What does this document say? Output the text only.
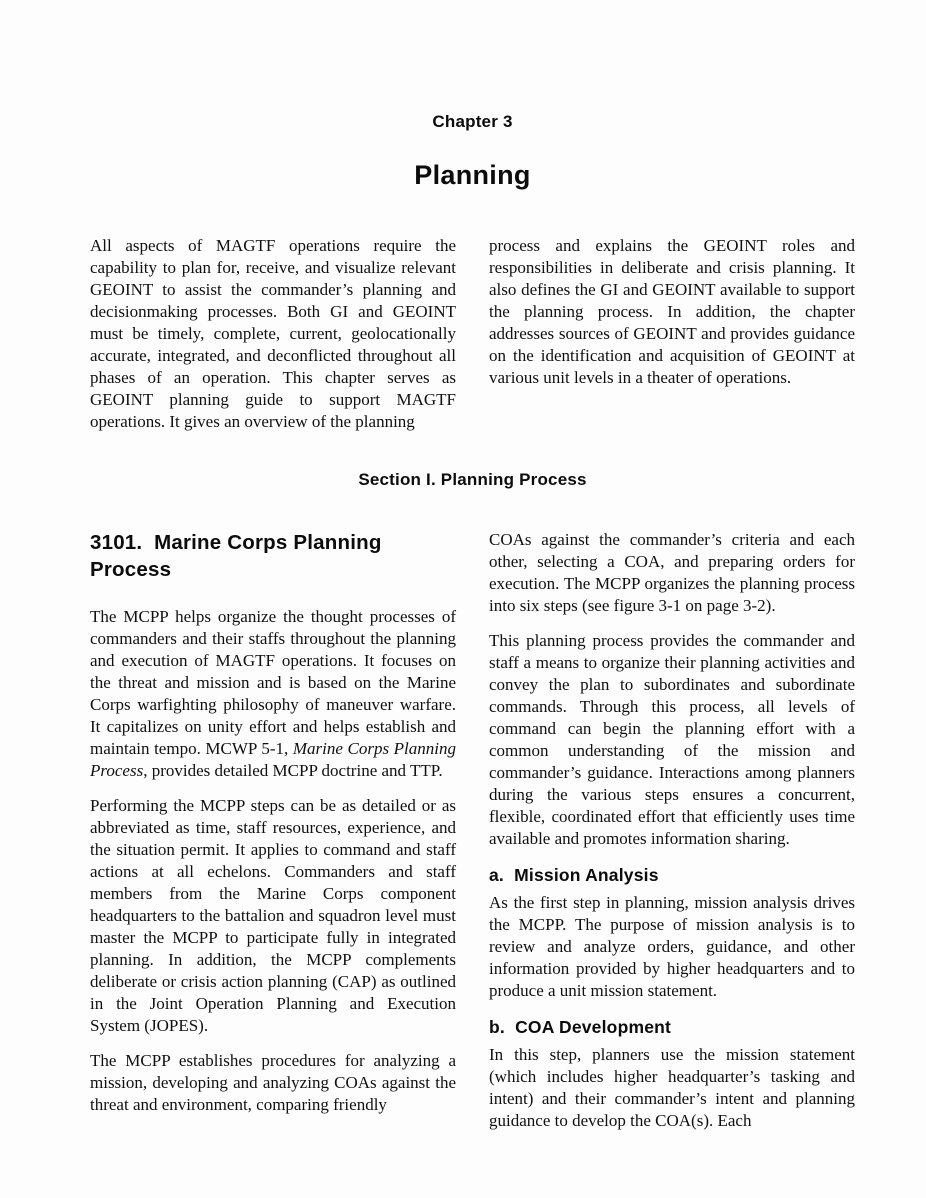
Chapter 3
Planning

All aspects of MAGTF operations require the capability to plan for, receive, and visualize relevant GEOINT to assist the commander’s planning and decisionmaking processes. Both GI and GEOINT must be timely, complete, current, geolocationally accurate, integrated, and deconflicted throughout all phases of an operation. This chapter serves as GEOINT planning guide to support MAGTF operations. It gives an overview of the planning

process and explains the GEOINT roles and responsibilities in deliberate and crisis planning. It also defines the GI and GEOINT available to support the planning process. In addition, the chapter addresses sources of GEOINT and provides guidance on the identification and acquisition of GEOINT at various unit levels in a theater of operations.

Section I. Planning Process
3101.  Marine Corps Planning Process

The MCPP helps organize the thought processes of commanders and their staffs throughout the planning and execution of MAGTF operations. It focuses on the threat and mission and is based on the Marine Corps warfighting philosophy of maneuver warfare. It capitalizes on unity effort and helps establish and maintain tempo. MCWP 5-1, Marine Corps Planning Process, provides detailed MCPP doctrine and TTP.

Performing the MCPP steps can be as detailed or as abbreviated as time, staff resources, experience, and the situation permit. It applies to command and staff actions at all echelons. Commanders and staff members from the Marine Corps component headquarters to the battalion and squadron level must master the MCPP to participate fully in integrated planning. In addition, the MCPP complements deliberate or crisis action planning (CAP) as outlined in the Joint Operation Planning and Execution System (JOPES).

The MCPP establishes procedures for analyzing a mission, developing and analyzing COAs against the threat and environment, comparing friendly

COAs against the commander’s criteria and each other, selecting a COA, and preparing orders for execution. The MCPP organizes the planning process into six steps (see figure 3-1 on page 3-2).

This planning process provides the commander and staff a means to organize their planning activities and convey the plan to subordinates and subordinate commands. Through this process, all levels of command can begin the planning effort with a common understanding of the mission and commander’s guidance. Interactions among planners during the various steps ensures a concurrent, flexible, coordinated effort that efficiently uses time available and promotes information sharing.

a.  Mission Analysis

As the first step in planning, mission analysis drives the MCPP. The purpose of mission analysis is to review and analyze orders, guidance, and other information provided by higher headquarters and to produce a unit mission statement.

b.  COA Development

In this step, planners use the mission statement (which includes higher headquarter’s tasking and intent) and their commander’s intent and planning guidance to develop the COA(s). Each
